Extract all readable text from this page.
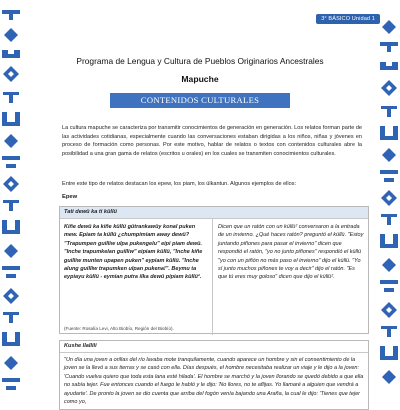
3° BÁSICO Unidad 1
Programa de Lengua y Cultura de Pueblos Originarios Ancestrales
Mapuche
CONTENIDOS CULTURALES

La cultura mapuche se caracteriza por transmitir conocimientos de generación en generación. Los relatos forman parte de las actividades cotidianas, especialmente cuando las conversaciones estaban dirigidas a los niños, niñas y jóvenes en proceso de formación como personas. Por este motivo, hablar de relatos o textos con contenidos culturales abre la posibilidad a una gran gama de relatos (escritos u orales) en los cuales se transmiten conocimientos culturales.

Entre este tipo de relatos destacan los epew, los piam, los ülkantun. Algunos ejemplos de ellos:

Epew
Tati dewü ka ti küllü

Kiñe dewü ka kiñe küllü gütrankawüy konal puken mew. Epiam ta küllü ¿chumpimiam away dewü? "Trapumpen guilliw ulpa pukengelu" eipi piam dewü. "Inche trapumkelan guilliw" eipiam küllü, "Inche kiñe guilliw munten upapen puken" eypiam küllü. "Inche alung guilliw trapumken ulpan pukena!". Beymu ta eypiayu küllü - eymian putra ilka dewü pipiam küllü².

(Fuente: Rosalía Levi, Alto Biobío, Región del Biobío).

Dicen que un ratón con un küllü² conversaron a la entrada de un invierno. ¿Qué haces ratón? preguntó el küllü. "Estoy juntando piñones para pasar el invierno" dicen que respondió el ratón, "yo no junto piñones" respondió el küllü "yo con un piñón no más paso el invierno" dijo el küllü. "Yo sí junto muchos piñones te voy a decir" dijo el ratón. "Es que tú eres muy goloso" dicen que dijo el küllü².

Kushe llallili

"Un día una joven a orillas del río lavaba mote tranquilamente, cuando aparece un hombre y sin el consentimiento de la joven se la llevó a sus tierras y se casó con ella. Días después, el hombre necesitaba realizar un viaje y le dijo a la joven: 'Cuando vuelva quiero que toda esta lana esté hilada'. El hombre se marchó y la joven llorando se quedó debido a que ella no sabía tejer. Fue entonces cuando el fuego le habló y le dijo: 'No llores, no te aflijas. Yo llamaré a alguien que vendrá a ayudarte'. De pronto la joven se dio cuenta que arriba del fogón venía bajando una Araña, la cual le dijo: 'Tienes que tejer como yo,
